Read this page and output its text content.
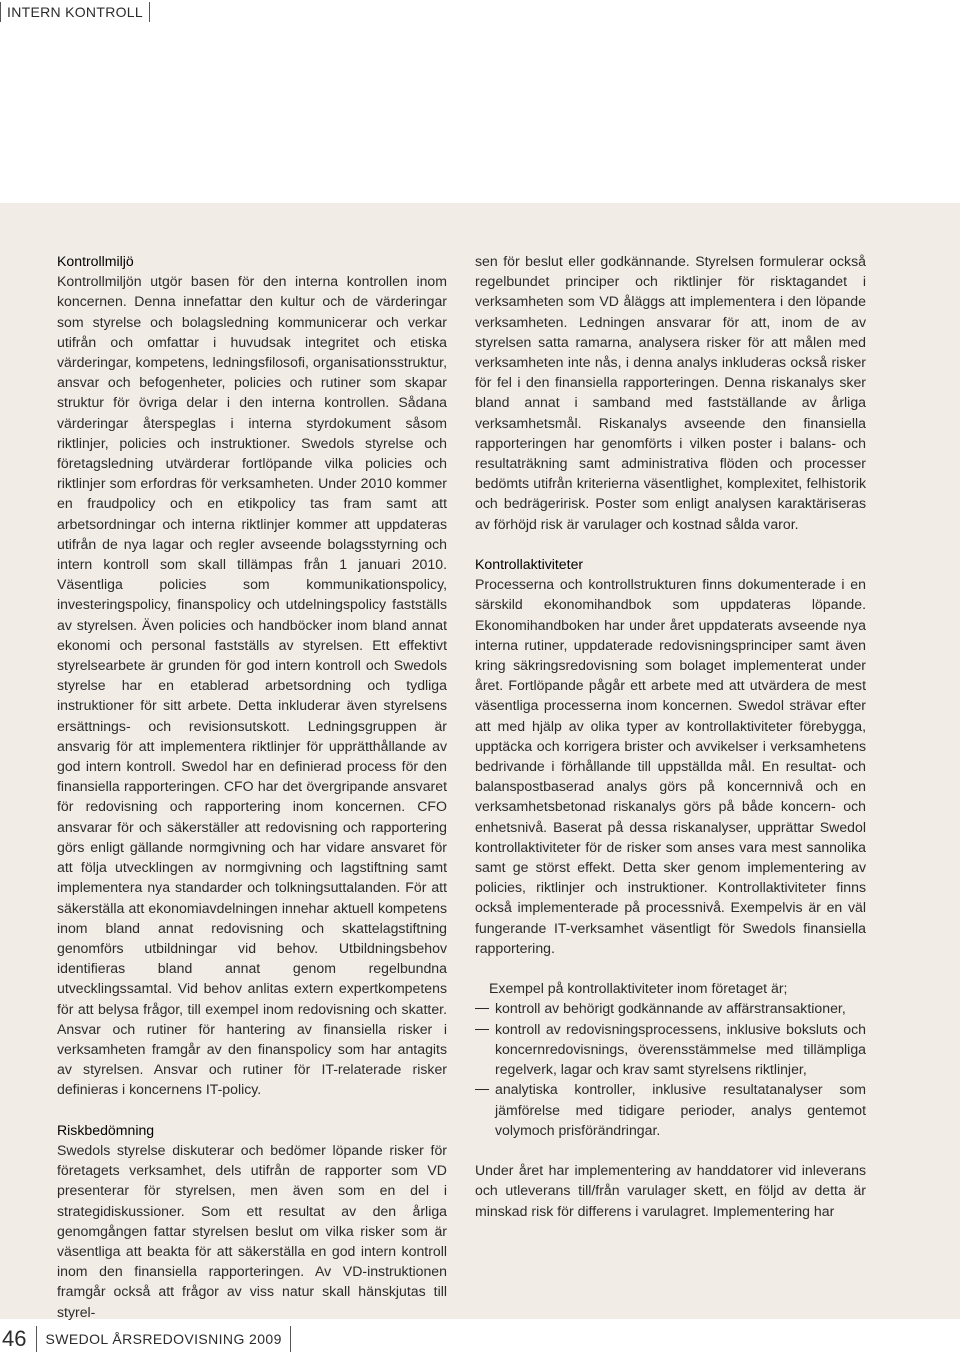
INTERN KONTROLL
Kontrollmiljö

Kontrollmiljön utgör basen för den interna kontrollen inom koncernen. Denna innefattar den kultur och de värderingar som styrelse och bolagsledning kommunicerar och verkar utifrån och omfattar i huvudsak integritet och etiska värderingar, kompetens, ledningsfilosofi, organisationsstruktur, ansvar och befogenheter, policies och rutiner som skapar struktur för övriga delar i den interna kontrollen. Sådana värderingar återspeglas i interna styrdokument såsom riktlinjer, policies och instruktioner. Swedols styrelse och företagsledning utvärderar fortlöpande vilka policies och riktlinjer som erfordras för verksamheten. Under 2010 kommer en fraudpolicy och en etikpolicy tas fram samt att arbetsordningar och interna riktlinjer kommer att uppdateras utifrån de nya lagar och regler avseende bolagsstyrning och intern kontroll som skall tillämpas från 1 januari 2010. Väsentliga policies som kommunikationspolicy, investeringspolicy, finanspolicy och utdelningspolicy fastställs av styrelsen. Även policies och handböcker inom bland annat ekonomi och personal fastställs av styrelsen. Ett effektivt styrelsearbete är grunden för god intern kontroll och Swedols styrelse har en etablerad arbetsordning och tydliga instruktioner för sitt arbete. Detta inkluderar även styrelsens ersättnings- och revisionsutskott. Ledningsgruppen är ansvarig för att implementera riktlinjer för upprätthållande av god intern kontroll. Swedol har en definierad process för den finansiella rapporteringen. CFO har det övergripande ansvaret för redovisning och rapportering inom koncernen. CFO ansvarar för och säkerställer att redovisning och rapportering görs enligt gällande normgivning och har vidare ansvaret för att följa utvecklingen av normgivning och lagstiftning samt implementera nya standarder och tolkningsuttalanden. För att säkerställa att ekonomiavdelningen innehar aktuell kompetens inom bland annat redovisning och skattelagstiftning genomförs utbildningar vid behov. Utbildningsbehov identifieras bland annat genom regelbundna utvecklingssamtal. Vid behov anlitas extern expertkompetens för att belysa frågor, till exempel inom redovisning och skatter. Ansvar och rutiner för hantering av finansiella risker i verksamheten framgår av den finanspolicy som har antagits av styrelsen. Ansvar och rutiner för IT-relaterade risker definieras i koncernens IT-policy.

Riskbedömning

Swedols styrelse diskuterar och bedömer löpande risker för företagets verksamhet, dels utifrån de rapporter som VD presenterar för styrelsen, men även som en del i strategidiskussioner. Som ett resultat av den årliga genomgången fattar styrelsen beslut om vilka risker som är väsentliga att beakta för att säkerställa en god intern kontroll inom den finansiella rapporteringen. Av VD-instruktionen framgår också att frågor av viss natur skall hänskjutas till styrel-

sen för beslut eller godkännande. Styrelsen formulerar också regelbundet principer och riktlinjer för risktagandet i verksamheten som VD åläggs att implementera i den löpande verksamheten. Ledningen ansvarar för att, inom de av styrelsen satta ramarna, analysera risker för att målen med verksamheten inte nås, i denna analys inkluderas också risker för fel i den finansiella rapporteringen. Denna riskanalys sker bland annat i samband med fastställande av årliga verksamhetsmål. Riskanalys avseende den finansiella rapporteringen har genomförts i vilken poster i balans- och resultaträkning samt administrativa flöden och processer bedömts utifrån kriterierna väsentlighet, komplexitet, felhistorik och bedrägeririsk. Poster som enligt analysen karaktäriseras av förhöjd risk är varulager och kostnad sålda varor.

Kontrollaktiviteter

Processerna och kontrollstrukturen finns dokumenterade i en särskild ekonomihandbok som uppdateras löpande. Ekonomihandboken har under året uppdaterats avseende nya interna rutiner, uppdaterade redovisningsprinciper samt även kring säkringsredovisning som bolaget implementerat under året. Fortlöpande pågår ett arbete med att utvärdera de mest väsentliga processerna inom koncernen. Swedol strävar efter att med hjälp av olika typer av kontrollaktiviteter förebygga, upptäcka och korrigera brister och avvikelser i verksamhetens bedrivande i förhållande till uppställda mål. En resultat- och balanspostbaserad analys görs på koncernnivå och en verksamhetsbetonad riskanalys görs på både koncern- och enhetsnivå. Baserat på dessa riskanalyser, upprättar Swedol kontrollaktiviteter för de risker som anses vara mest sannolika samt ge störst effekt. Detta sker genom implementering av policies, riktlinjer och instruktioner. Kontrollaktiviteter finns också implementerade på processnivå. Exempelvis är en väl fungerande IT-verksamhet väsentligt för Swedols finansiella rapportering.

Exempel på kontrollaktiviteter inom företaget är;

kontroll av behörigt godkännande av affärstransaktioner,
kontroll av redovisningsprocessens, inklusive boksluts och koncernredovisnings, överensstämmelse med tillämpliga regelverk, lagar och krav samt styrelsens riktlinjer,
analytiska kontroller, inklusive resultatanalyser som jämförelse med tidigare perioder, analys gentemot volymoch prisförändringar.

Under året har implementering av handdatorer vid inleverans och utleverans till/från varulager skett, en följd av detta är minskad risk för differens i varulagret. Implementering har

46	SWEDOL ÅRSREDOVISNING 2009
